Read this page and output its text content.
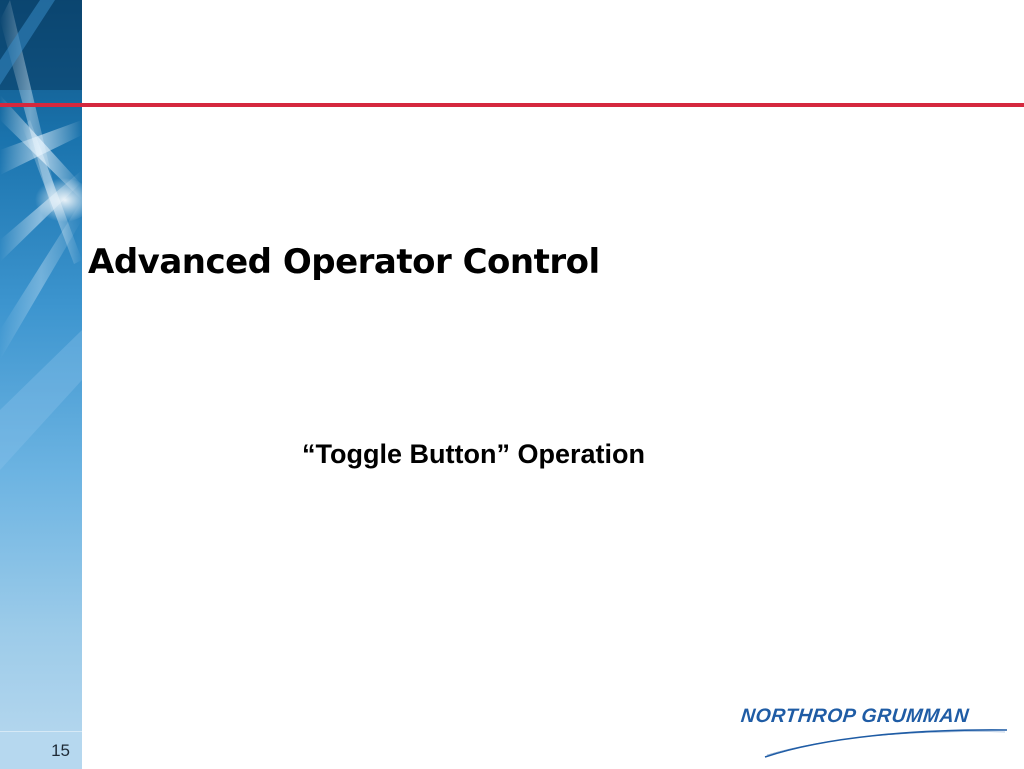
15
Advanced Operator Control
“Toggle Button” Operation
NORTHROP GRUMMAN
